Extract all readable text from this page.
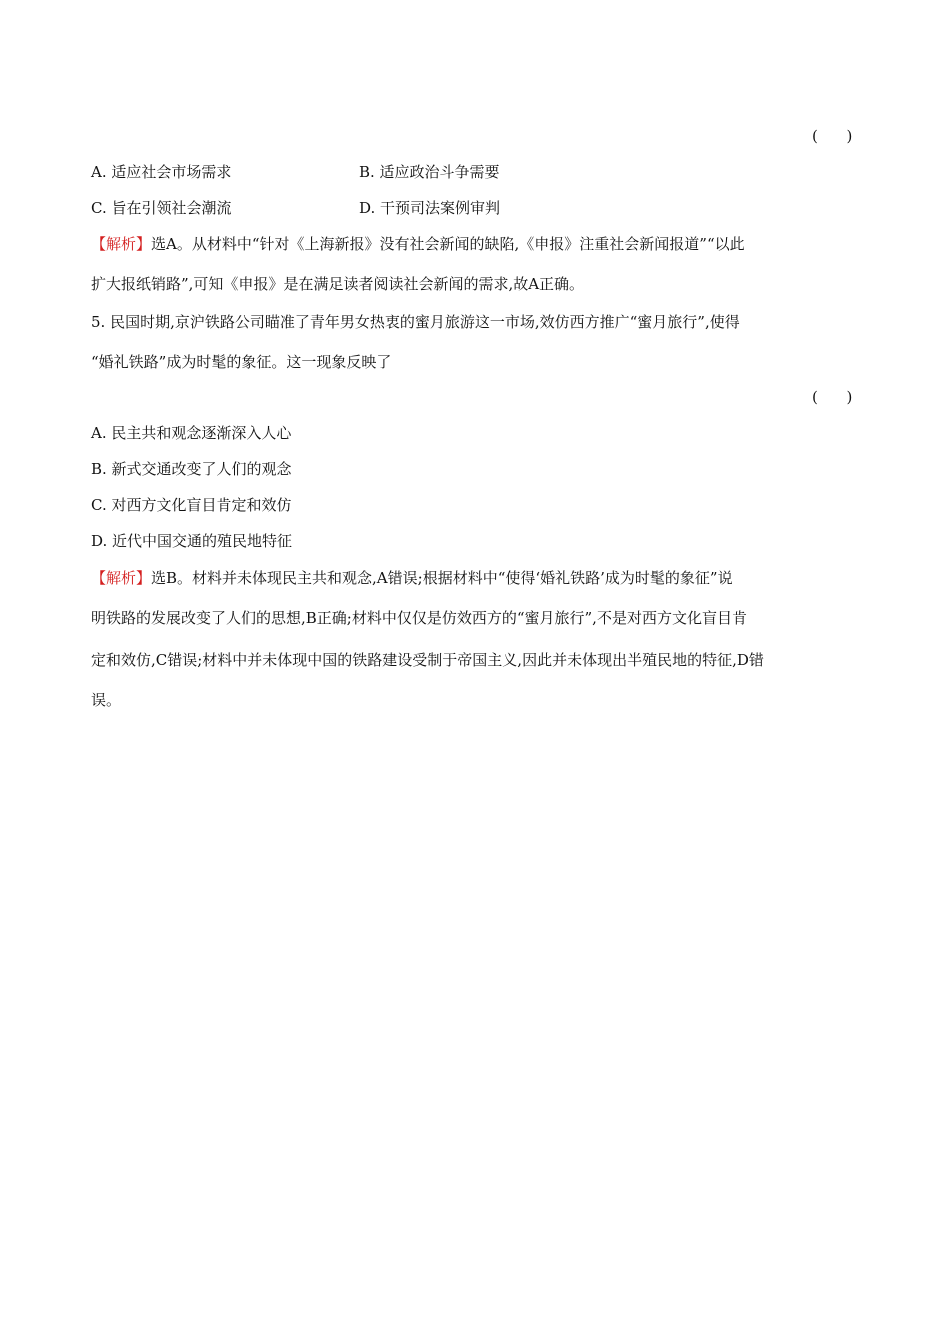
(      )
A. 适应社会市场需求	B. 适应政治斗争需要
C. 旨在引领社会潮流	D. 干预司法案例审判
【解析】选A。从材料中“针对《上海新报》没有社会新闻的缺陷,《申报》注重社会新闻报道”“以此
扩大报纸销路”,可知《申报》是在满足读者阅读社会新闻的需求,故A正确。
5. 民国时期,京沪铁路公司瞄准了青年男女热衷的蜜月旅游这一市场,效仿西方推广“蜜月旅行”,使得
“婚礼铁路”成为时髦的象征。这一现象反映了
(      )
A. 民主共和观念逐渐深入人心
B. 新式交通改变了人们的观念
C. 对西方文化盲目肯定和效仿
D. 近代中国交通的殖民地特征
【解析】选B。材料并未体现民主共和观念,A错误;根据材料中“使得‘婚礼铁路’成为时髦的象征”说
明铁路的发展改变了人们的思想,B正确;材料中仅仅是仿效西方的“蜜月旅行”,不是对西方文化盲目肯
定和效仿,C错误;材料中并未体现中国的铁路建设受制于帝国主义,因此并未体现出半殖民地的特征,D错
误。
